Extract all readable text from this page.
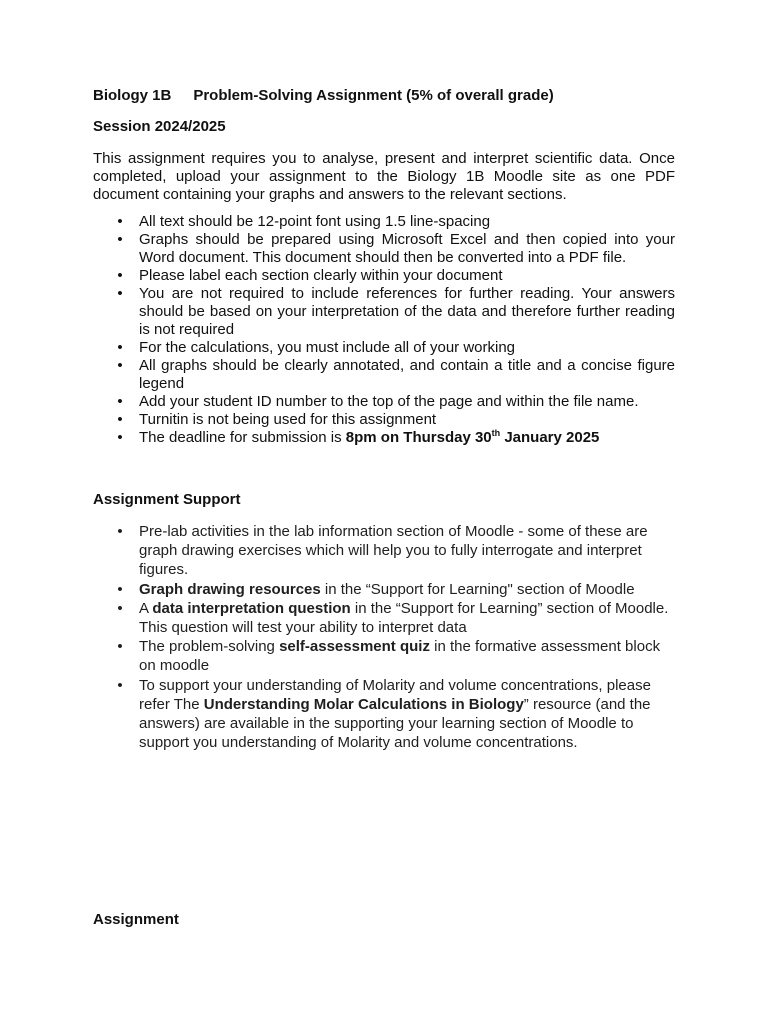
Biology 1B Problem-Solving Assignment (5% of overall grade)
Session 2024/2025

This assignment requires you to analyse, present and interpret scientific data. Once completed, upload your assignment to the Biology 1B Moodle site as one PDF document containing your graphs and answers to the relevant sections.

• All text should be 12-point font using 1.5 line-spacing
• Graphs should be prepared using Microsoft Excel and then copied into your Word document. This document should then be converted into a PDF file.
• Please label each section clearly within your document
• You are not required to include references for further reading. Your answers should be based on your interpretation of the data and therefore further reading is not required
• For the calculations, you must include all of your working
• All graphs should be clearly annotated, and contain a title and a concise figure legend
• Add your student ID number to the top of the page and within the file name.
• Turnitin is not being used for this assignment
• The deadline for submission is 8pm on Thursday 30th January 2025
Assignment Support
• Pre-lab activities in the lab information section of Moodle - some of these are graph drawing exercises which will help you to fully interrogate and interpret figures.
• Graph drawing resources in the “Support for Learning" section of Moodle
• A data interpretation question in the “Support for Learning” section of Moodle. This question will test your ability to interpret data
• The problem-solving self-assessment quiz in the formative assessment block on moodle
• To support your understanding of Molarity and volume concentrations, please refer The Understanding Molar Calculations in Biology” resource (and the answers) are available in the supporting your learning section of Moodle to support you understanding of Molarity and volume concentrations.
Assignment
